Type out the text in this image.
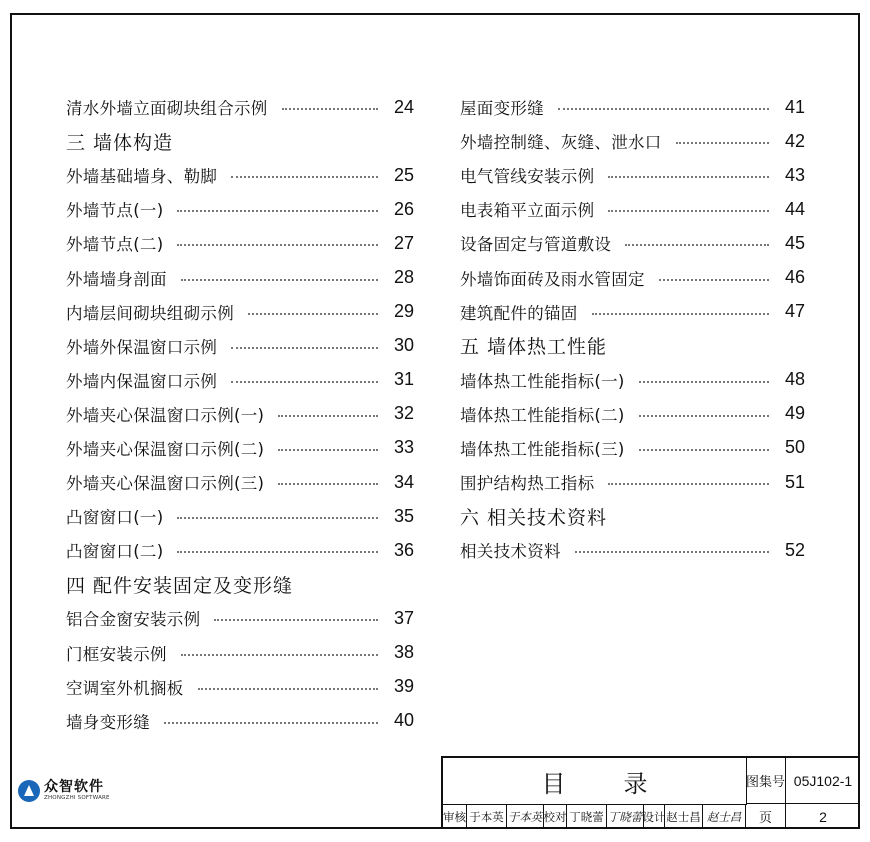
清水外墙立面砌块组合示例	24
三 墙体构造
外墙基础墙身、勒脚	25
外墙节点(一)	26
外墙节点(二)	27
外墙墙身剖面	28
内墙层间砌块组砌示例	29
外墙外保温窗口示例	30
外墙内保温窗口示例	31
外墙夹心保温窗口示例(一)	32
外墙夹心保温窗口示例(二)	33
外墙夹心保温窗口示例(三)	34
凸窗窗口(一)	35
凸窗窗口(二)	36
四 配件安装固定及变形缝
铝合金窗安装示例	37
门框安装示例	38
空调室外机搁板	39
墙身变形缝	40
屋面变形缝	41
外墙控制缝、灰缝、泄水口	42
电气管线安装示例	43
电表箱平立面示例	44
设备固定与管道敷设	45
外墙饰面砖及雨水管固定	46
建筑配件的锚固	47
五 墙体热工性能
墙体热工性能指标(一)	48
墙体热工性能指标(二)	49
墙体热工性能指标(三)	50
围护结构热工指标	51
六 相关技术资料
相关技术资料	52
众智软件
ZHONGZHI SOFTWARE
目录	图集号 05J102-1
审核 于本英 于本英 校对 丁晓蕾 丁晓蕾 设计 赵士昌 赵士昌	页	2
